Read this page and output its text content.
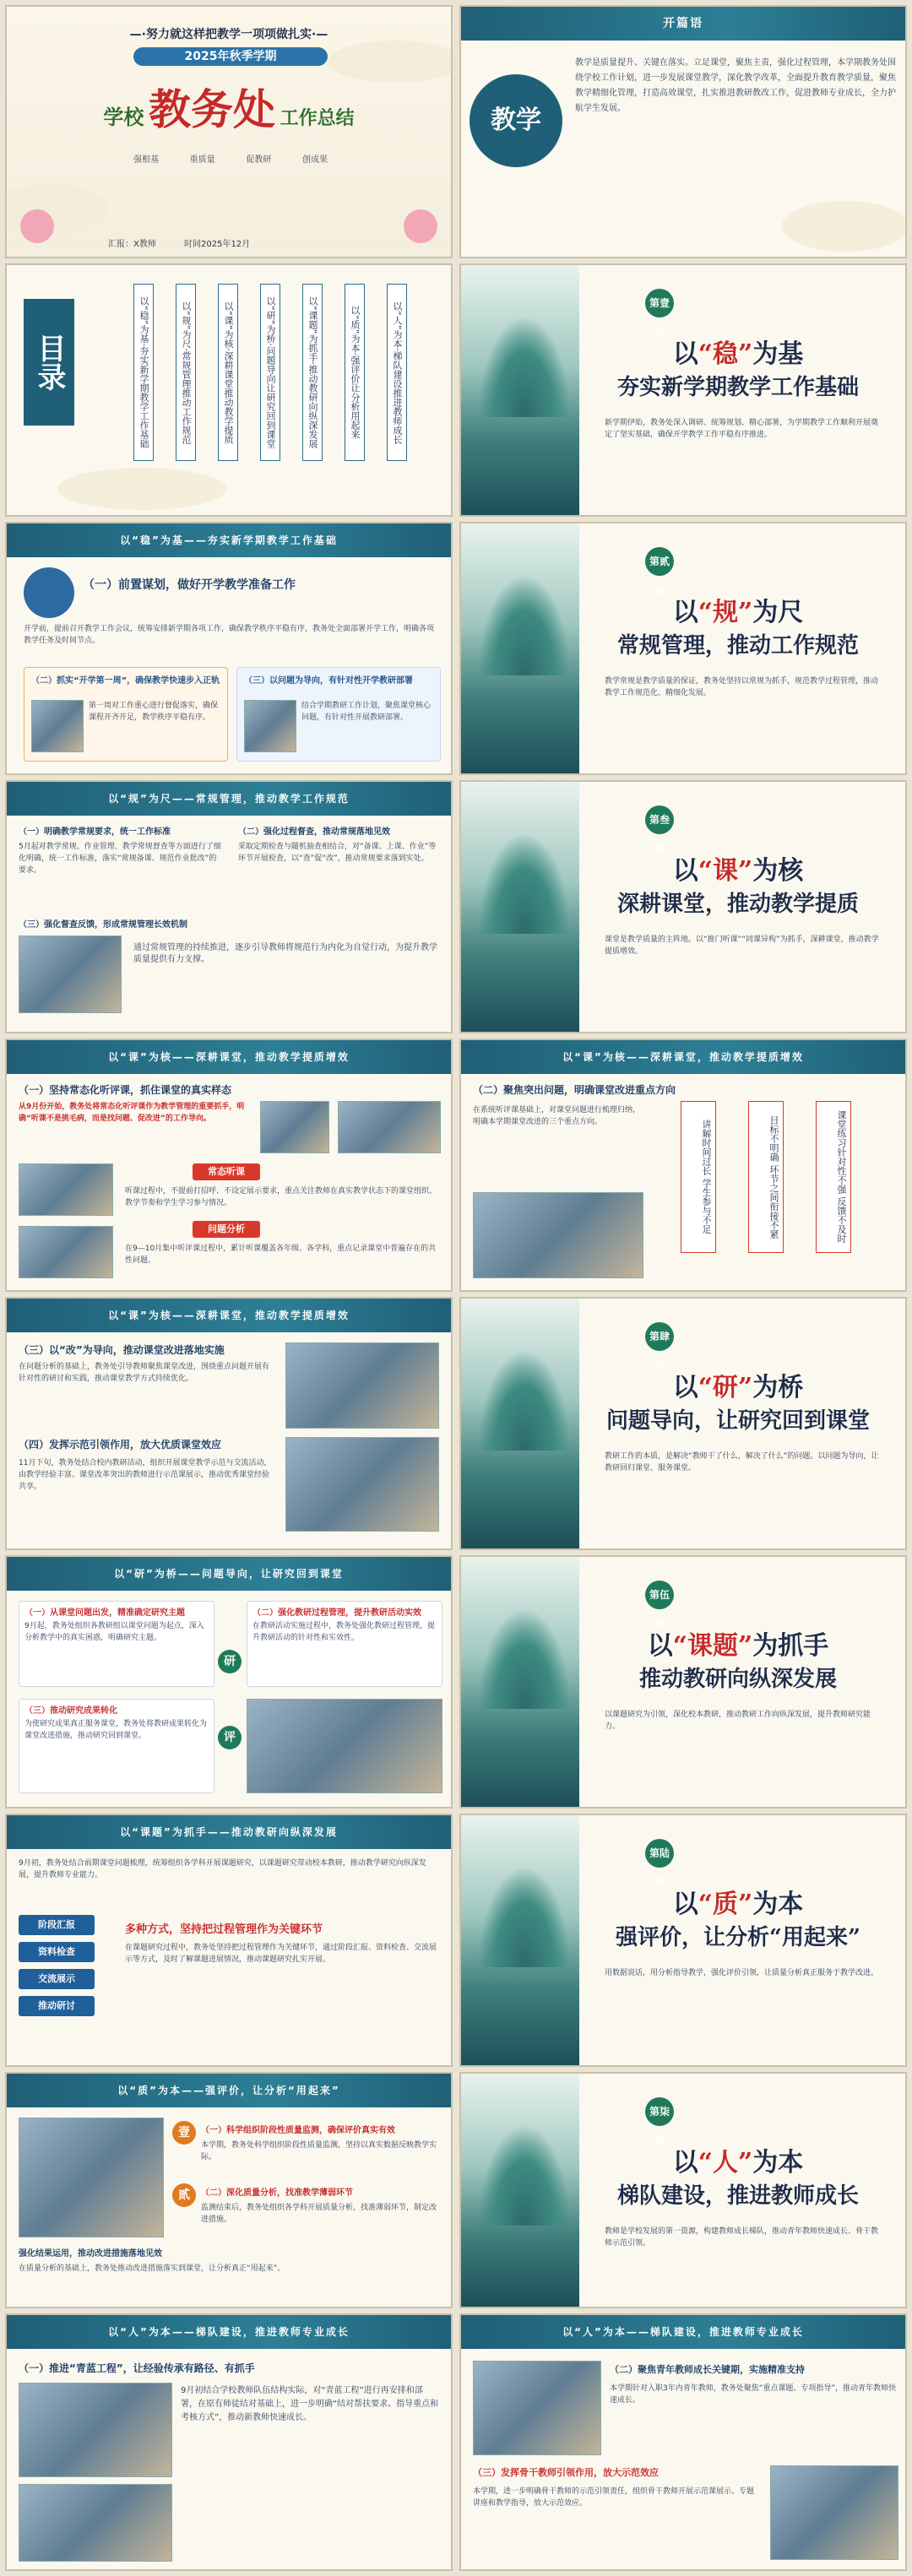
—·努力就这样把教学一项项做扎实·—
2025年秋季学期
学校 教务处 工作总结
强根基	重质量	促教研	创成果
汇报：X教师	时间2025年12月
开篇语
教学
教学是质量提升、关键在落实。立足课堂，聚焦主责，强化过程管理，本学期教务处围绕学校工作计划，进一步发展课堂教学，深化教学改革，全面提升教育教学质量，聚焦教学精细化管理，打造高效课堂，扎实推进教研教改工作，促进教师专业成长，全力护航学生发展。
目录	以“稳”为基·夯实新学期教学工作基础	以“规”为尺·常规管理推动工作规范	以“课”为核·深耕课堂推动教学提质	以“研”为桥·问题导向让研究回到课堂	以“课题”为抓手·推动教研向纵深发展	以“质”为本·强评价让分析用起来	以“人”为本·梯队建设推进教师成长	第壹章
以“稳”为基
夯实新学期教学工作基础
新学期伊始，教务处深入调研、统筹规划、精心部署，为学期教学工作顺利开展奠定了坚实基础，确保开学教学工作平稳有序推进。
以“稳”为基——夯实新学期教学工作基础
（一）前置谋划，做好开学教学准备工作
开学前，提前召开教学工作会议，统筹安排新学期各项工作，确保教学秩序平稳有序，教务处全面部署开学工作，明确各项教学任务及时间节点。
（二）抓实“开学第一周”，确保教学快速步入正轨
第一周对工作重心进行督促落实，确保课程开齐开足，教学秩序平稳有序。
（三）以问题为导向，有针对性开学教研部署
结合学期教研工作计划，聚焦课堂核心问题，有针对性开展教研部署。
第贰章
以“规”为尺
常规管理，推动工作规范
教学常规是教学质量的保证，教务处坚持以常规为抓手，规范教学过程管理，推动教学工作规范化、精细化发展。
以“规”为尺——常规管理，推动教学工作规范
（一）明确教学常规要求，统一工作标准
5月起对教学常规、作业管理、教学常规督查等方面进行了细化明确，统一工作标准，落实“常规备课、规范作业批改”的要求。
（二）强化过程督查，推动常规落地见效
采取定期检查与随机抽查相结合，对“备课、上课、作业”等环节开展检查，以“查”促“改”，推动常规要求落到实处。
（三）强化督查反馈，形成常规管理长效机制
通过常规管理的持续推进，逐步引导教师将规范行为内化为自觉行动，为提升教学质量提供有力支撑。
第叁章
以“课”为核
深耕课堂，推动教学提质
课堂是教学质量的主阵地。以“推门听课”“同课异构”为抓手，深耕课堂，推动教学提质增效。
以“课”为核——深耕课堂，推动教学提质增效
（一）坚持常态化听评课，抓住课堂的真实样态
从9月份开始，教务处将常态化听评课作为教学管理的重要抓手，明确“听课不是挑毛病，而是找问题、促改进”的工作导向。
常态听课
听课过程中，不提前打招呼、不设定展示要求，重点关注教师在真实教学状态下的课堂组织、教学节奏和学生学习参与情况。
问题分析
在9—10月集中听评课过程中，累计听课覆盖各年级、各学科，重点记录课堂中普遍存在的共性问题。
以“课”为核——深耕课堂，推动教学提质增效
（二）聚焦突出问题，明确课堂改进重点方向
在系统听评课基础上，对课堂问题进行梳理归纳，明确本学期课堂改进的三个重点方向。	讲解时间过长 学生参与不足	目标不明确 环节之间衔接不紧	课堂练习针对性不强 反馈不及时
以“课”为核——深耕课堂，推动教学提质增效
（三）以“改”为导向，推动课堂改进落地实施
在问题分析的基础上，教务处引导教师聚焦课堂改进，围绕重点问题开展有针对性的研讨和实践，推动课堂教学方式持续优化。
（四）发挥示范引领作用，放大优质课堂效应
11月下旬，教务处结合校内教研活动，组织开展课堂教学示范与交流活动，由教学经验丰富、课堂改革突出的教师进行示范课展示，推动优秀课堂经验共享。
第肆章
以“研”为桥
问题导向，让研究回到课堂
教研工作的本质，是解决“教师干了什么，解决了什么”的问题。以问题为导向，让教研回归课堂、服务课堂。
以“研”为桥——问题导向，让研究回到课堂
（一）从课堂问题出发，精准确定研究主题
9月起，教务处组织各教研组以课堂问题为起点，深入分析教学中的真实困惑，明确研究主题。
（二）强化教研过程管理，提升教研活动实效
在教研活动实施过程中，教务处强化教研过程管理，提升教研活动的针对性和实效性。
研
评
（三）推动研究成果转化
为使研究成果真正服务课堂，教务处将教研成果转化为课堂改进措施，推动研究回到课堂。
第伍章
以“课题”为抓手
推动教研向纵深发展
以课题研究为引领，深化校本教研，推动教研工作向纵深发展，提升教师研究能力。
以“课题”为抓手——推动教研向纵深发展
9月初，教务处结合前期课堂问题梳理，统筹组织各学科开展课题研究，以课题研究带动校本教研，推动教学研究向纵深发展，提升教师专业能力。
阶段汇报
资料检查
交流展示
推动研讨
多种方式，坚持把过程管理作为关键环节
在课题研究过程中，教务处坚持把过程管理作为关键环节，通过阶段汇报、资料检查、交流展示等方式，及时了解课题进展情况，推动课题研究扎实开展。
第陆章
以“质”为本
强评价，让分析“用起来”
用数据说话，用分析指导教学，强化评价引领，让质量分析真正服务于教学改进。
以“质”为本——强评价，让分析“用起来”
壹	（一）科学组织阶段性质量监测，确保评价真实有效
本学期，教务处科学组织阶段性质量监测，坚持以真实数据反映教学实际。
贰	（二）深化质量分析，找准教学薄弱环节
监测结束后，教务处组织各学科开展质量分析，找准薄弱环节，制定改进措施。
强化结果运用，推动改进措施落地见效
在质量分析的基础上，教务处推动改进措施落实到课堂，让分析真正“用起来”。
第柒章
以“人”为本
梯队建设，推进教师成长
教师是学校发展的第一资源，构建教师成长梯队，推动青年教师快速成长、骨干教师示范引领。
以“人”为本——梯队建设，推进教师专业成长
（一）推进“青蓝工程”，让经验传承有路径、有抓手
9月初结合学校教师队伍结构实际，对“青蓝工程”进行再安排和部署，在原有师徒结对基础上，进一步明确“结对帮扶要求、指导重点和考核方式”，推动新教师快速成长。
以“人”为本——梯队建设，推进教师专业成长
（二）聚焦青年教师成长关键期，实施精准支持
本学期针对入职3年内青年教师，教务处聚焦“重点课题、专项指导”，推动青年教师快速成长。
（三）发挥骨干教师引领作用，放大示范效应
本学期，进一步明确骨干教师的示范引领责任，组织骨干教师开展示范课展示、专题讲座和教学指导，放大示范效应。
